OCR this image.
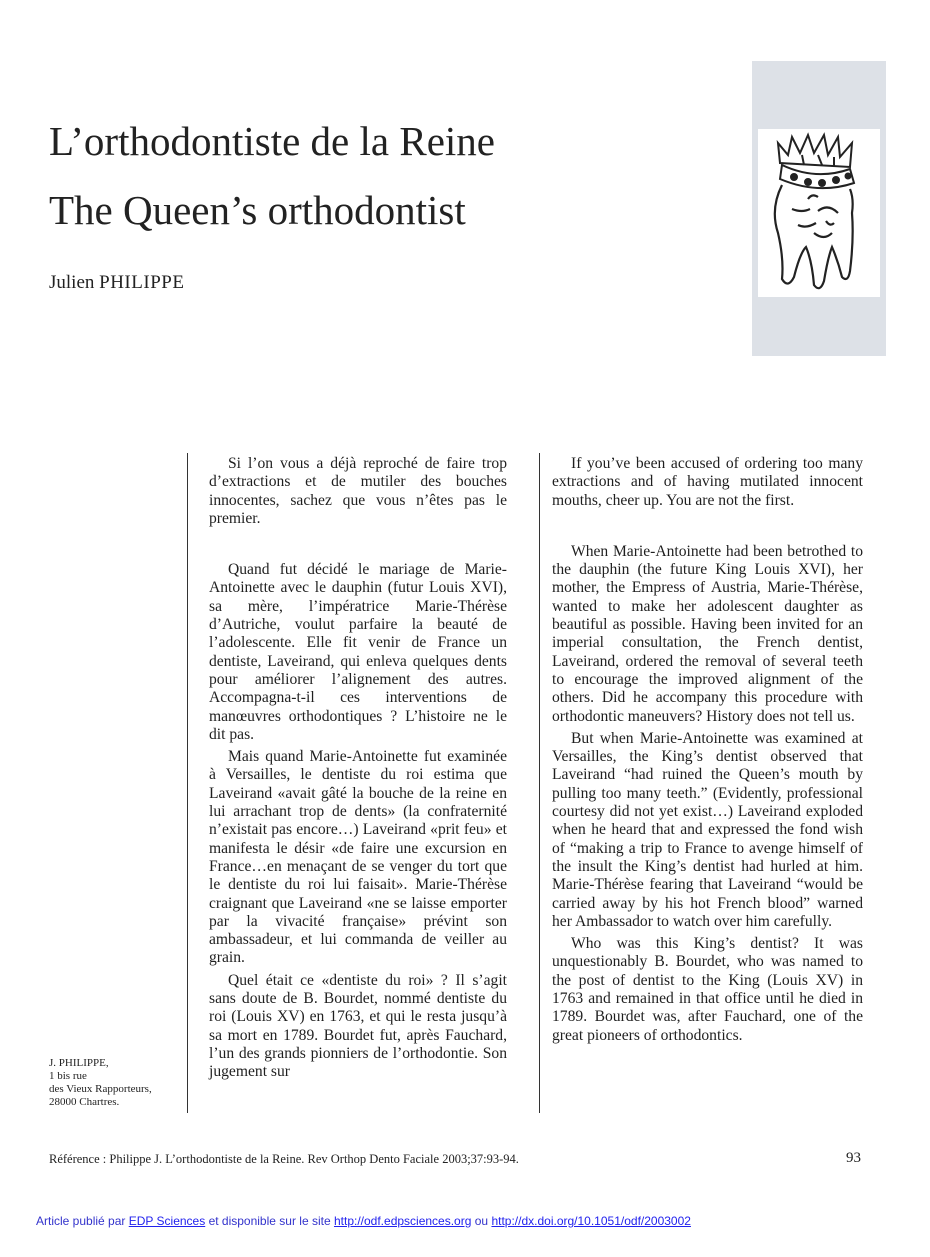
L’orthodontiste de la Reine
The Queen’s orthodontist
Julien PHILIPPE

Si l’on vous a déjà reproché de faire trop d’extractions et de mutiler des bouches innocentes, sachez que vous n’êtes pas le premier.

Quand fut décidé le mariage de Marie-Antoinette avec le dauphin (futur Louis XVI), sa mère, l’impératrice Marie-Thérèse d’Autriche, voulut parfaire la beauté de l’adolescente. Elle fit venir de France un dentiste, Laveirand, qui enleva quelques dents pour améliorer l’alignement des autres. Accompagna-t-il ces interventions de manœuvres orthodontiques ? L’histoire ne le dit pas.

Mais quand Marie-Antoinette fut examinée à Versailles, le dentiste du roi estima que Laveirand «avait gâté la bouche de la reine en lui arrachant trop de dents» (la confraternité n’existait pas encore…) Laveirand «prit feu» et manifesta le désir «de faire une excursion en France…en menaçant de se venger du tort que le dentiste du roi lui faisait». Marie-Thérèse craignant que Laveirand «ne se laisse emporter par la vivacité française» prévint son ambassadeur, et lui commanda de veiller au grain.

Quel était ce «dentiste du roi» ? Il s’agit sans doute de B. Bourdet, nommé dentiste du roi (Louis XV) en 1763, et qui le resta jusqu’à sa mort en 1789. Bourdet fut, après Fauchard, l’un des grands pionniers de l’orthodontie. Son jugement sur

If you’ve been accused of ordering too many extractions and of having mutilated innocent mouths, cheer up. You are not the first.

When Marie-Antoinette had been betrothed to the dauphin (the future King Louis XVI), her mother, the Empress of Austria, Marie-Thérèse, wanted to make her adolescent daughter as beautiful as possible. Having been invited for an imperial consultation, the French dentist, Laveirand, ordered the removal of several teeth to encourage the improved alignment of the others. Did he accompany this procedure with orthodontic maneuvers? History does not tell us.

But when Marie-Antoinette was examined at Versailles, the King’s dentist observed that Laveirand “had ruined the Queen’s mouth by pulling too many teeth.” (Evidently, professional courtesy did not yet exist…) Laveirand exploded when he heard that and expressed the fond wish of “making a trip to France to avenge himself of the insult the King’s dentist had hurled at him. Marie-Thérèse fearing that Laveirand “would be carried away by his hot French blood” warned her Ambassador to watch over him carefully.

Who was this King’s dentist? It was unquestionably B. Bourdet, who was named to the post of dentist to the King (Louis XV) in 1763 and remained in that office until he died in 1789. Bourdet was, after Fauchard, one of the great pioneers of orthodontics.

J. PHILIPPE,
1 bis rue
des Vieux Rapporteurs,
28000 Chartres.
Référence : Philippe J. L’orthodontiste de la Reine. Rev Orthop Dento Faciale 2003;37:93-94.	93
Article publié par EDP Sciences et disponible sur le site http://odf.edpsciences.org ou http://dx.doi.org/10.1051/odf/2003002
